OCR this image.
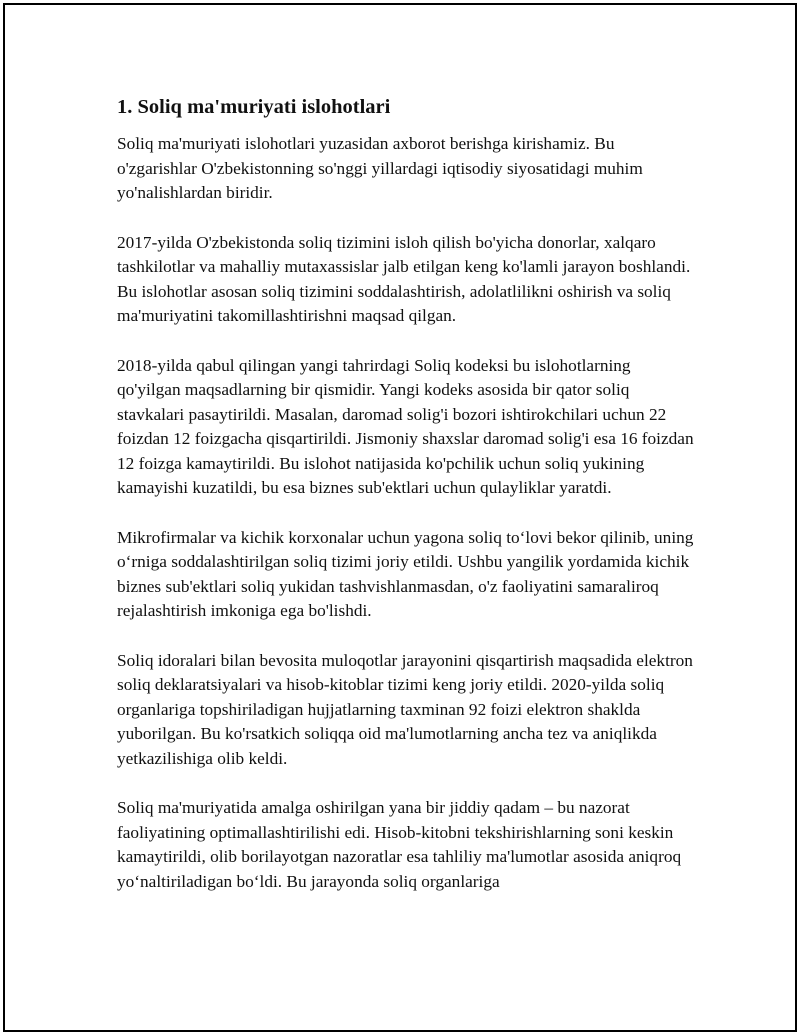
1. Soliq ma'muriyati islohotlari

Soliq ma'muriyati islohotlari yuzasidan axborot berishga kirishamiz. Bu o'zgarishlar O'zbekistonning so'nggi yillardagi iqtisodiy siyosatidagi muhim yo'nalishlardan biridir.

2017-yilda O'zbekistonda soliq tizimini isloh qilish bo'yicha donorlar, xalqaro tashkilotlar va mahalliy mutaxassislar jalb etilgan keng ko'lamli jarayon boshlandi. Bu islohotlar asosan soliq tizimini soddalashtirish, adolatlilikni oshirish va soliq ma'muriyatini takomillashtirishni maqsad qilgan.

2018-yilda qabul qilingan yangi tahrirdagi Soliq kodeksi bu islohotlarning qo'yilgan maqsadlarning bir qismidir. Yangi kodeks asosida bir qator soliq stavkalari pasaytirildi. Masalan, daromad solig'i bozori ishtirokchilari uchun 22 foizdan 12 foizgacha qisqartirildi. Jismoniy shaxslar daromad solig'i esa 16 foizdan 12 foizga kamaytirildi. Bu islohot natijasida ko'pchilik uchun soliq yukining kamayishi kuzatildi, bu esa biznes sub'ektlari uchun qulayliklar yaratdi.

Mikrofirmalar va kichik korxonalar uchun yagona soliq to‘lovi bekor qilinib, uning o‘rniga soddalashtirilgan soliq tizimi joriy etildi. Ushbu yangilik yordamida kichik biznes sub'ektlari soliq yukidan tashvishlanmasdan, o'z faoliyatini samaraliroq rejalashtirish imkoniga ega bo'lishdi.

Soliq idoralari bilan bevosita muloqotlar jarayonini qisqartirish maqsadida elektron soliq deklaratsiyalari va hisob-kitoblar tizimi keng joriy etildi. 2020-yilda soliq organlariga topshiriladigan hujjatlarning taxminan 92 foizi elektron shaklda yuborilgan. Bu ko'rsatkich soliqqa oid ma'lumotlarning ancha tez va aniqlikda yetkazilishiga olib keldi.

Soliq ma'muriyatida amalga oshirilgan yana bir jiddiy qadam – bu nazorat faoliyatining optimallashtirilishi edi. Hisob-kitobni tekshirishlarning soni keskin kamaytirildi, olib borilayotgan nazoratlar esa tahliliy ma'lumotlar asosida aniqroq yo‘naltiriladigan bo‘ldi. Bu jarayonda soliq organlariga
